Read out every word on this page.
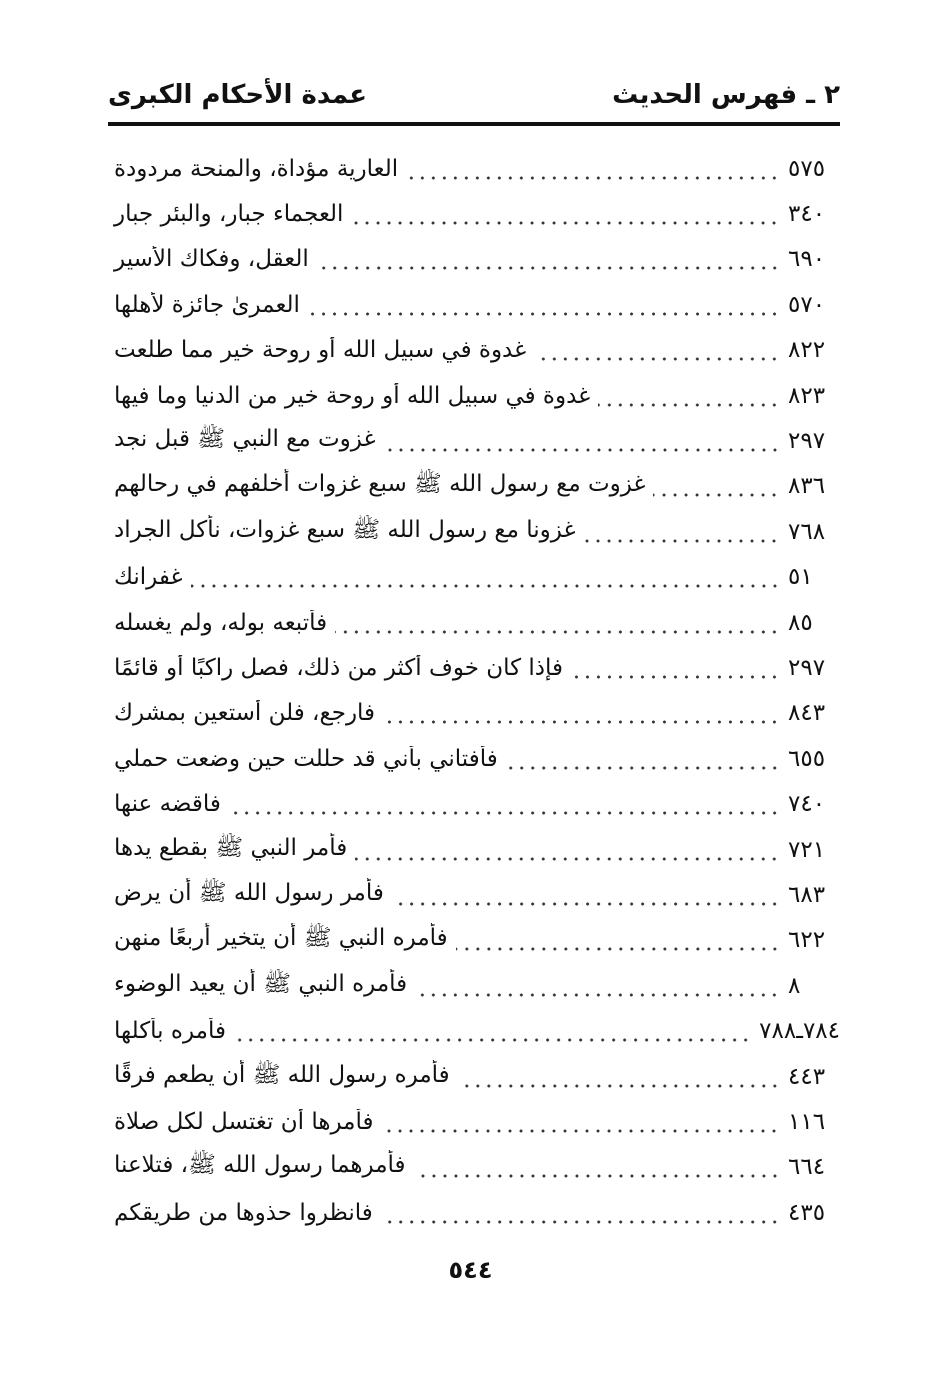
٢ ـ فهرس الحديث
عمدة الأحكام الكبرى
العارية مؤداة، والمنحة مردودة	٥٧٥
العجماء جبار، والبئر جبار	٣٤٠
العقل، وفكاك الأسير	٦٩٠
العمرىٰ جائزة لأهلها	٥٧٠
غدوة في سبيل الله أو روحة خير مما طلعت	٨٢٢
غدوة في سبيل الله أو روحة خير من الدنيا وما فيها	٨٢٣
غزوت مع النبي ﷺ قبل نجد	٢٩٧
غزوت مع رسول الله ﷺ سبع غزوات أخلفهم في رحالهم	٨٣٦
غزونا مع رسول الله ﷺ سبع غزوات، نأكل الجراد	٧٦٨
غفرانك	٥١
فأتبعه بوله، ولم يغسله	٨٥
فإذا كان خوف أكثر من ذلك، فصل راكبًا أو قائمًا	٢٩٧
فارجع، فلن أستعين بمشرك	٨٤٣
فأفتاني بأني قد حللت حين وضعت حملي	٦٥٥
فاقضه عنها	٧٤٠
فأمر النبي ﷺ بقطع يدها	٧٢١
فأمر رسول الله ﷺ أن يرض	٦٨٣
فأمره النبي ﷺ أن يتخير أربعًا منهن	٦٢٢
فأمره النبي ﷺ أن يعيد الوضوء	٨
فأمره بأكلها	٧٨٤ـ٧٨٨
فأمره رسول الله ﷺ أن يطعم فرقًا	٤٤٣
فأمرها أن تغتسل لكل صلاة	١١٦
فأمرهما رسول الله ﷺ، فتلاعنا	٦٦٤
فانظروا حذوها من طريقكم	٤٣٥
٥٤٤
